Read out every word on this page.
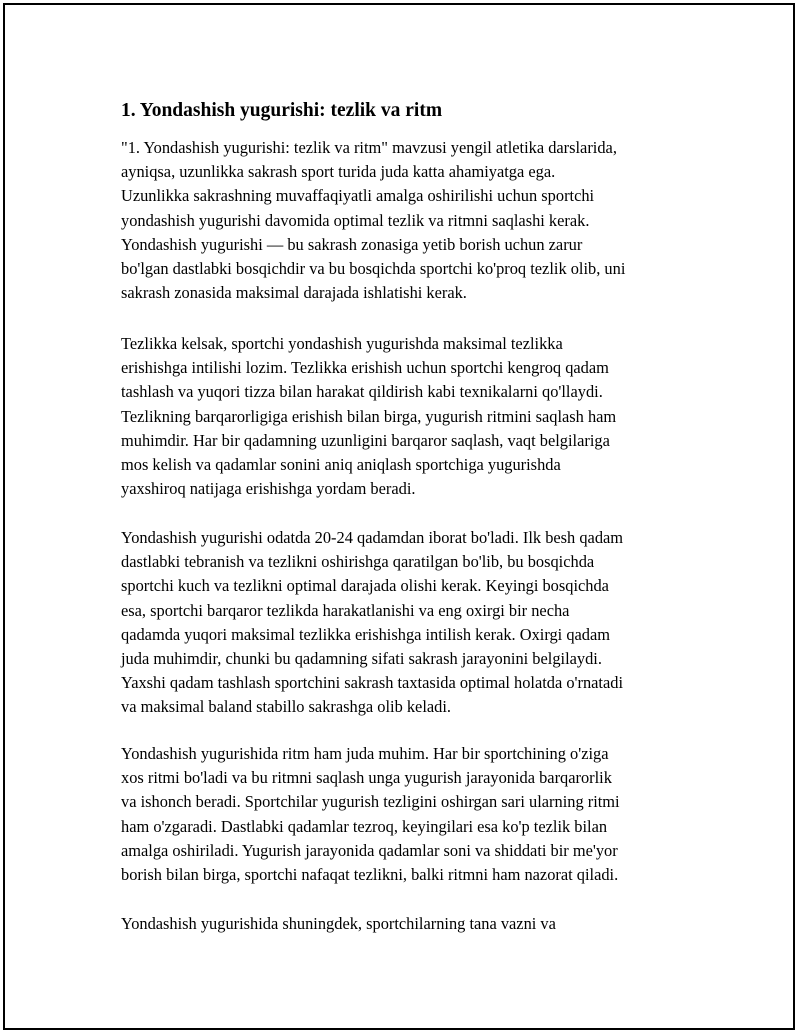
1. Yondashish yugurishi: tezlik va ritm

"1. Yondashish yugurishi: tezlik va ritm" mavzusi yengil atletika darslarida,
ayniqsa, uzunlikka sakrash sport turida juda katta ahamiyatga ega.
Uzunlikka sakrashning muvaffaqiyatli amalga oshirilishi uchun sportchi
yondashish yugurishi davomida optimal tezlik va ritmni saqlashi kerak.
Yondashish yugurishi — bu sakrash zonasiga yetib borish uchun zarur
bo'lgan dastlabki bosqichdir va bu bosqichda sportchi ko'proq tezlik olib, uni
sakrash zonasida maksimal darajada ishlatishi kerak.

Tezlikka kelsak, sportchi yondashish yugurishda maksimal tezlikka
erishishga intilishi lozim. Tezlikka erishish uchun sportchi kengroq qadam
tashlash va yuqori tizza bilan harakat qildirish kabi texnikalarni qo'llaydi.
Tezlikning barqarorligiga erishish bilan birga, yugurish ritmini saqlash ham
muhimdir. Har bir qadamning uzunligini barqaror saqlash, vaqt belgilariga
mos kelish va qadamlar sonini aniq aniqlash sportchiga yugurishda
yaxshiroq natijaga erishishga yordam beradi.

Yondashish yugurishi odatda 20-24 qadamdan iborat bo'ladi. Ilk besh qadam
dastlabki tebranish va tezlikni oshirishga qaratilgan bo'lib, bu bosqichda
sportchi kuch va tezlikni optimal darajada olishi kerak. Keyingi bosqichda
esa, sportchi barqaror tezlikda harakatlanishi va eng oxirgi bir necha
qadamda yuqori maksimal tezlikka erishishga intilish kerak. Oxirgi qadam
juda muhimdir, chunki bu qadamning sifati sakrash jarayonini belgilaydi.
Yaxshi qadam tashlash sportchini sakrash taxtasida optimal holatda o'rnatadi
va maksimal baland stabillo sakrashga olib keladi.

Yondashish yugurishida ritm ham juda muhim. Har bir sportchining o'ziga
xos ritmi bo'ladi va bu ritmni saqlash unga yugurish jarayonida barqarorlik
va ishonch beradi. Sportchilar yugurish tezligini oshirgan sari ularning ritmi
ham o'zgaradi. Dastlabki qadamlar tezroq, keyingilari esa ko'p tezlik bilan
amalga oshiriladi. Yugurish jarayonida qadamlar soni va shiddati bir me'yor
borish bilan birga, sportchi nafaqat tezlikni, balki ritmni ham nazorat qiladi.

Yondashish yugurishida shuningdek, sportchilarning tana vazni va
